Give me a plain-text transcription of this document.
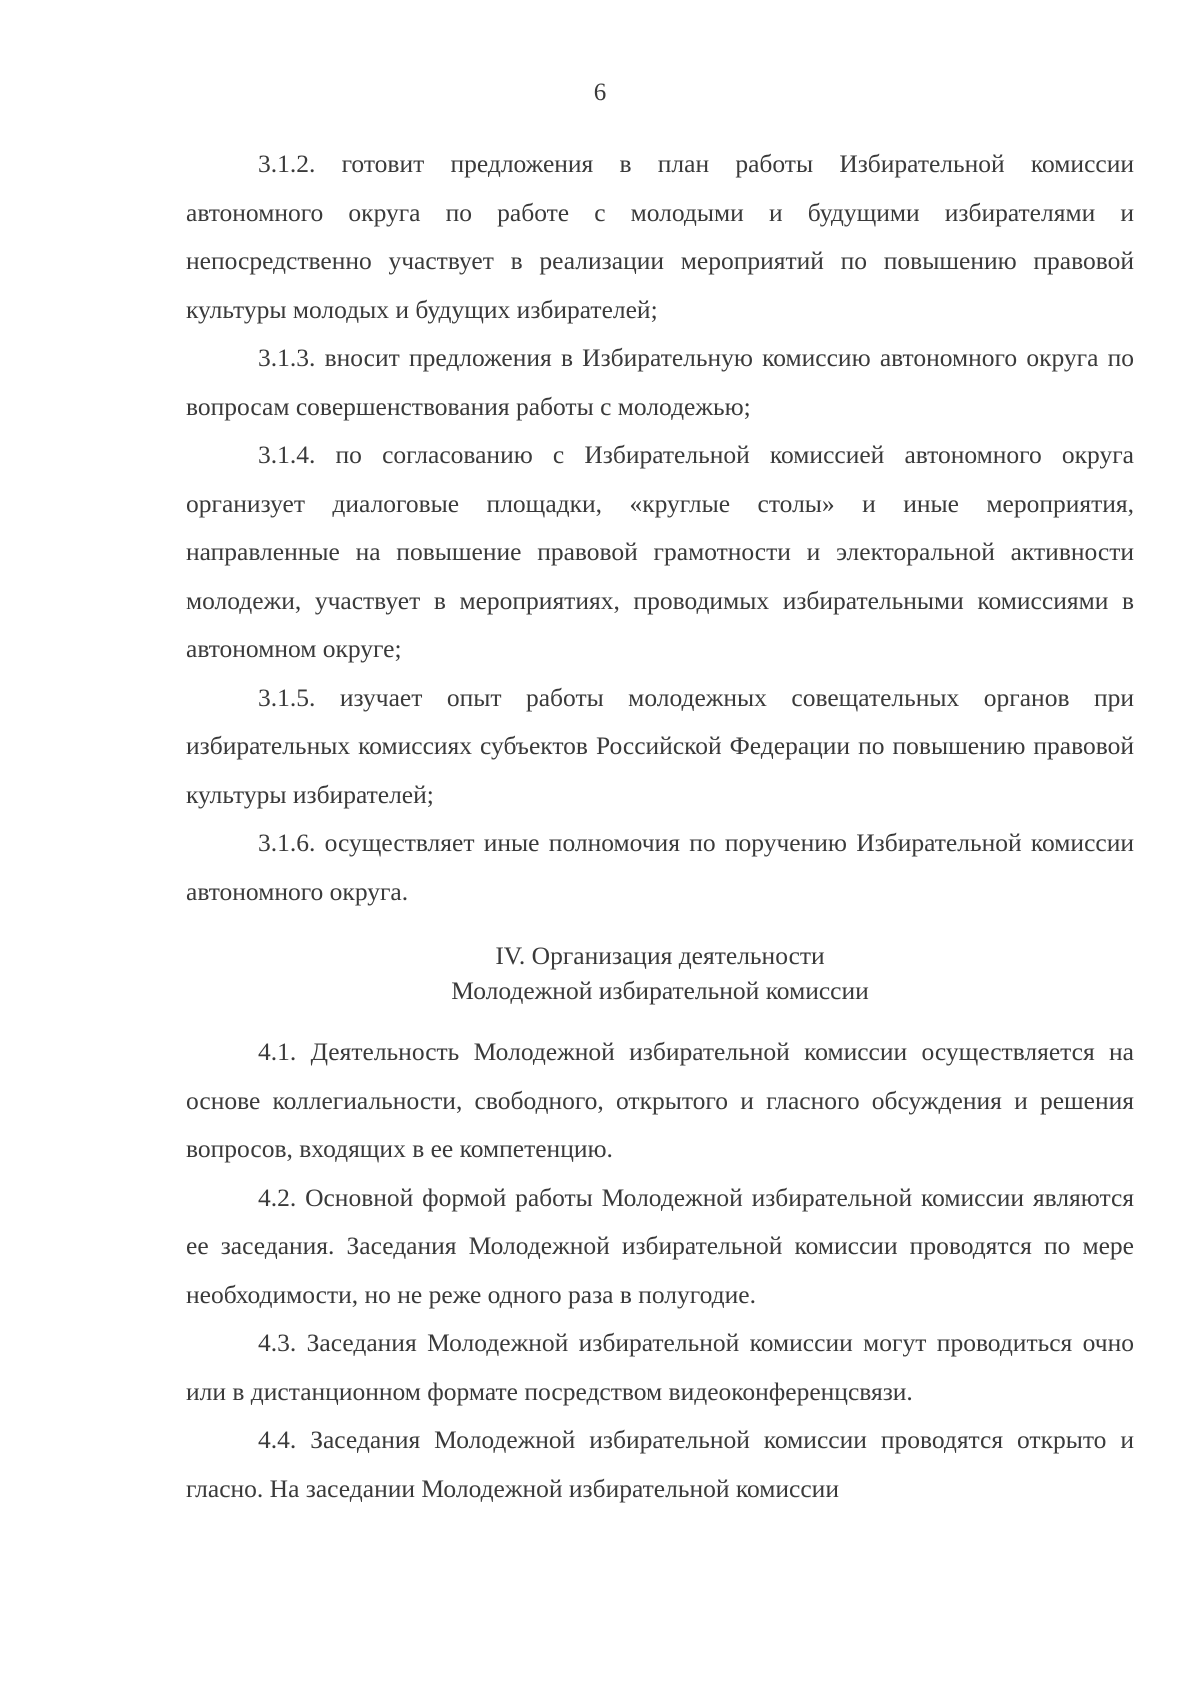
6

3.1.2. готовит предложения в план работы Избирательной комиссии автономного округа по работе с молодыми и будущими избирателями и непосредственно участвует в реализации мероприятий по повышению правовой культуры молодых и будущих избирателей;

3.1.3. вносит предложения в Избирательную комиссию автономного округа по вопросам совершенствования работы с молодежью;

3.1.4. по согласованию с Избирательной комиссией автономного округа организует диалоговые площадки, «круглые столы» и иные мероприятия, направленные на повышение правовой грамотности и электоральной активности молодежи, участвует в мероприятиях, проводимых избирательными комиссиями в автономном округе;

3.1.5. изучает опыт работы молодежных совещательных органов при избирательных комиссиях субъектов Российской Федерации по повышению правовой культуры избирателей;

3.1.6. осуществляет иные полномочия по поручению Избирательной комиссии автономного округа.

IV. Организация деятельности
Молодежной избирательной комиссии

4.1. Деятельность Молодежной избирательной комиссии осуществляется на основе коллегиальности, свободного, открытого и гласного обсуждения и решения вопросов, входящих в ее компетенцию.

4.2. Основной формой работы Молодежной избирательной комиссии являются ее заседания. Заседания Молодежной избирательной комиссии проводятся по мере необходимости, но не реже одного раза в полугодие.

4.3. Заседания Молодежной избирательной комиссии могут проводиться очно или в дистанционном формате посредством видеоконференцсвязи.

4.4. Заседания Молодежной избирательной комиссии проводятся открыто и гласно. На заседании Молодежной избирательной комиссии
